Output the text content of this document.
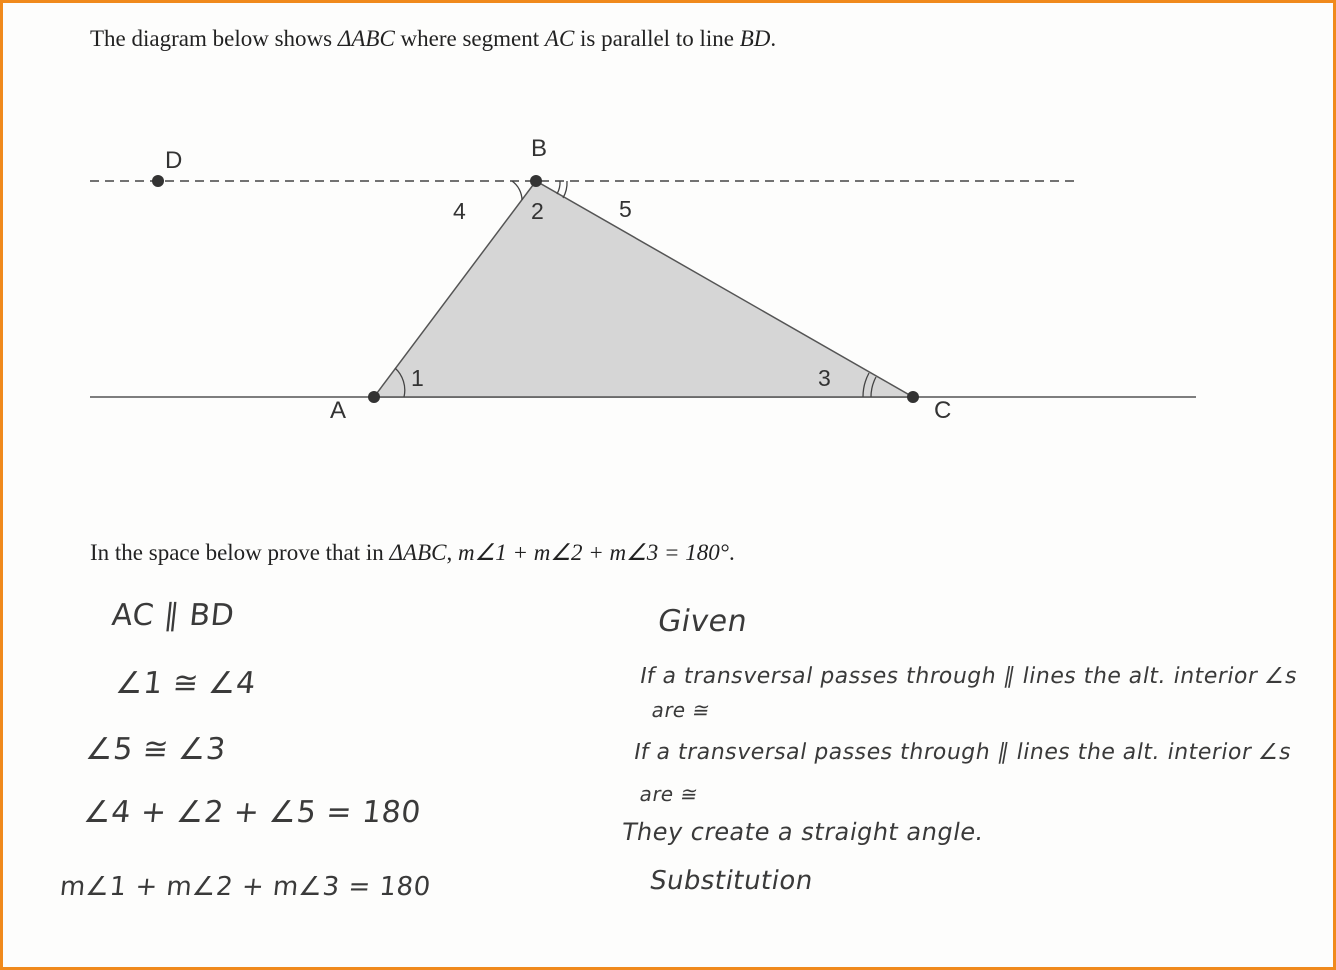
The diagram below shows ΔABC where segment AC is parallel to line BD.
A
B
C
D
1
2
3
4	5
In the space below prove that in ΔABC, m∠1 + m∠2 + m∠3 = 180°.
AC ∥ BD
∠1 ≅ ∠4
∠5 ≅ ∠3
∠4 + ∠2 + ∠5 = 180
m∠1 + m∠2 + m∠3 = 180
Given
If a transversal passes through ∥ lines the alt. interior ∠s
are ≅
If a transversal passes through ∥ lines the alt. interior ∠s
are ≅
They create a straight angle.
Substitution
